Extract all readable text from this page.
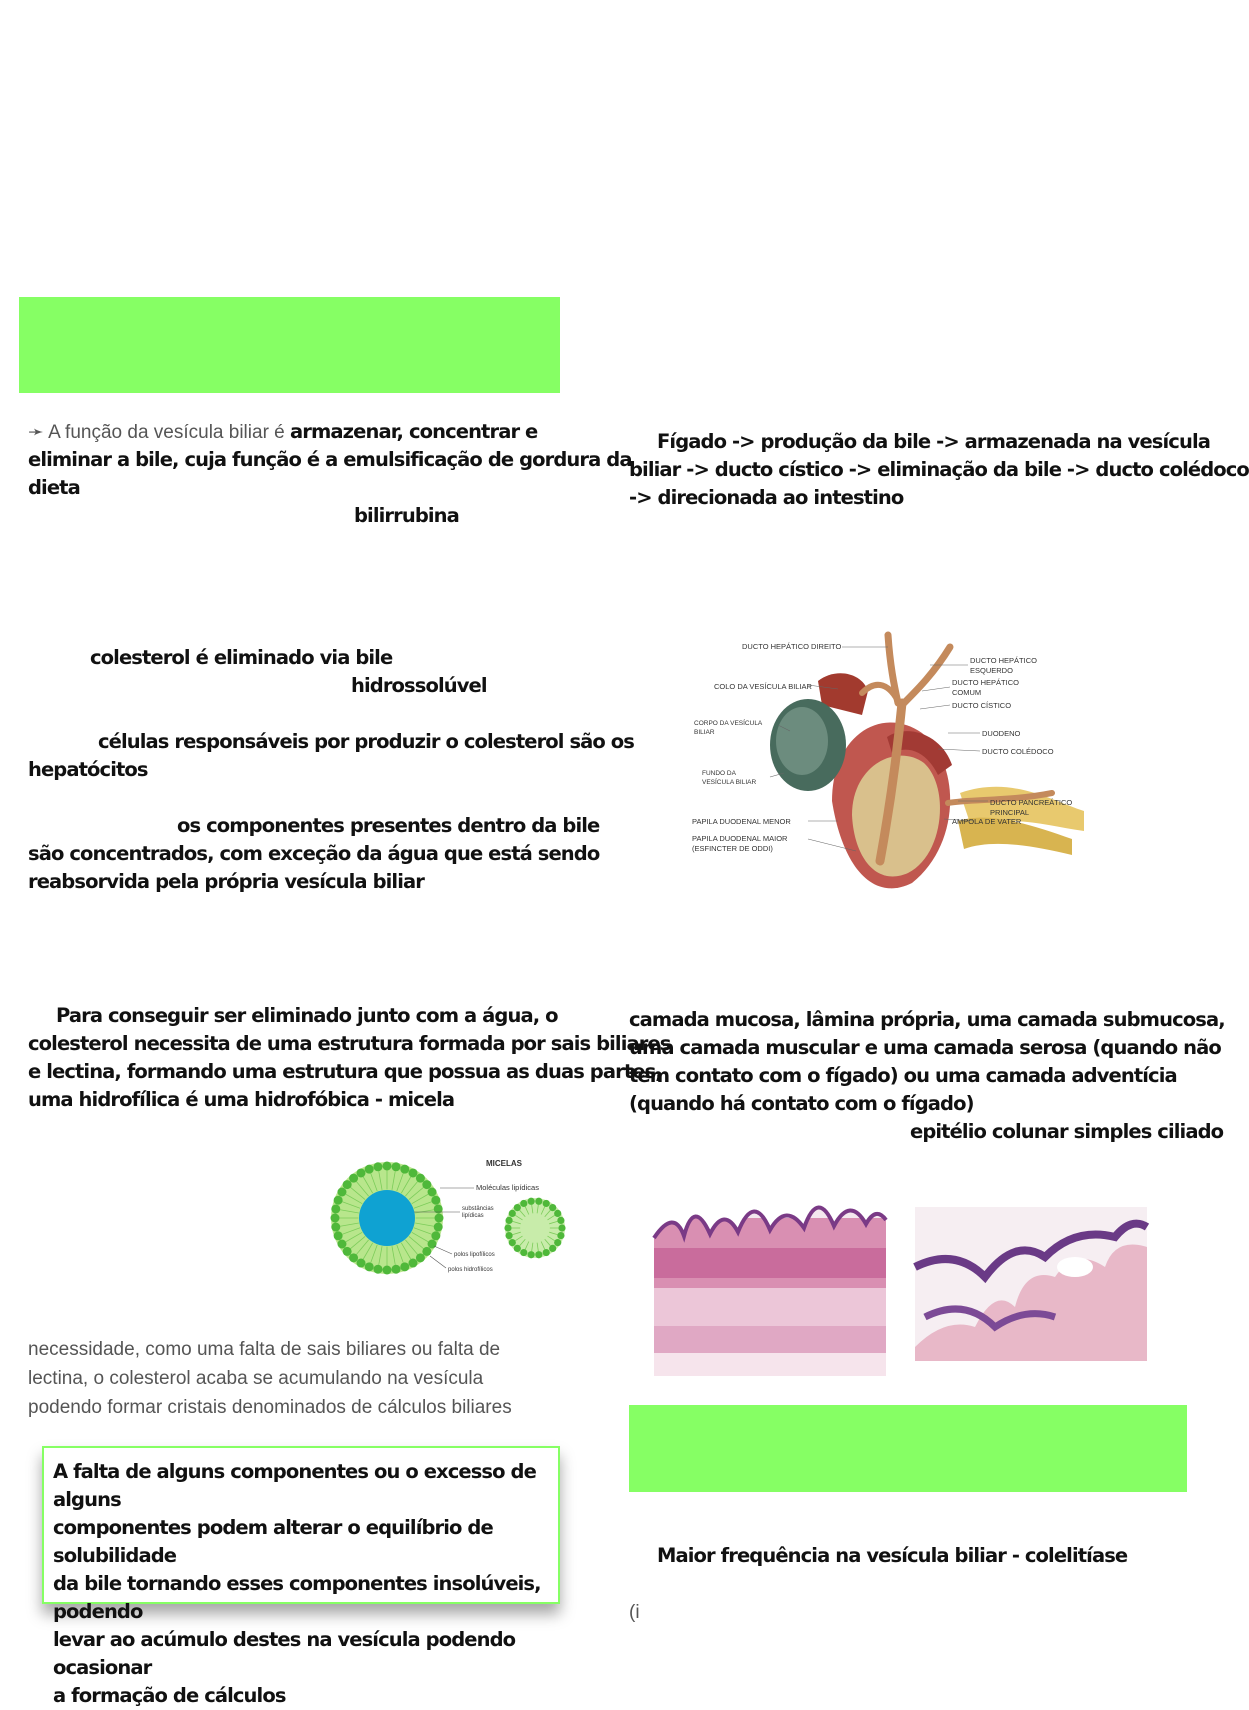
➛ A função da vesícula biliar é armazenar, concentrar e
eliminar a bile, cuja função é a emulsificação de gordura da
dieta
bilirrubina
colesterol é eliminado via bile
hidrossolúvel
células responsáveis por produzir o colesterol são os
hepatócitos
os componentes presentes dentro da bile
são concentrados, com exceção da água que está sendo
reabsorvida pela própria vesícula biliar
Para conseguir ser eliminado junto com a água, o
colesterol necessita de uma estrutura formada por sais biliares
e lectina, formando uma estrutura que possua as duas partes,
uma hidrofílica é uma hidrofóbica - micela
MICELAS
Moléculas lipídicas
substâncias
lipídicas
polos lipofílicos
polos hidrofílicos
necessidade, como uma falta de sais biliares ou falta de
lectina, o colesterol acaba se acumulando na vesícula
podendo formar cristais denominados de cálculos biliares
A falta de alguns componentes ou o excesso de alguns
componentes podem alterar o equilíbrio de solubilidade
da bile tornando esses componentes insolúveis, podendo
levar ao acúmulo destes na vesícula podendo ocasionar
a formação de cálculos
Fígado -> produção da bile -> armazenada na vesícula
biliar -> ducto cístico -> eliminação da bile -> ducto colédoco
-> direcionada ao intestino
DUCTO HEPÁTICO DIREITO
DUCTO HEPÁTICO
ESQUERDO
COLO DA VESÍCULA BILIAR	DUCTO HEPÁTICO
COMUM
DUCTO CÍSTICO
CORPO DA VESÍCULA
BILIAR	DUODENO
DUCTO COLÉDOCO
FUNDO DA
VESÍCULA BILIAR
DUCTO PANCREÁTICO
PRINCIPAL
PAPILA DUODENAL MENOR	AMPOLA DE VATER
PAPILA DUODENAL MAIOR
(ESFINCTER DE ODDI)
camada mucosa, lâmina própria, uma camada submucosa,
uma camada muscular e uma camada serosa (quando não
tem contato com o fígado) ou uma camada adventícia
(quando há contato com o fígado)
epitélio colunar simples ciliado
Maior frequência na vesícula biliar - colelitíase
(i
